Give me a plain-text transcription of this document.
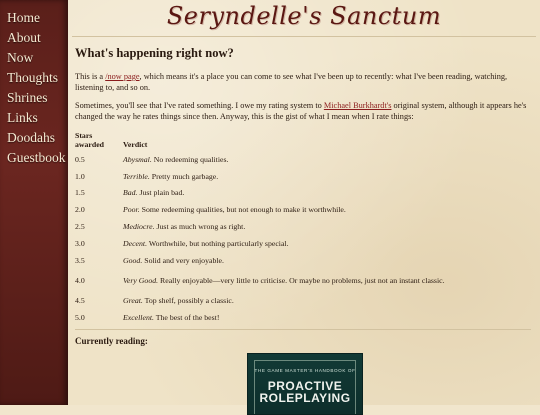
Home
About
Now
Thoughts
Shrines
Links
Doodahs
Guestbook
Seryndelle's Sanctum
What's happening right now?

This is a /now page, which means it's a place you can come to see what I've been up to recently: what I've been reading, watching, listening to, and so on.

Sometimes, you'll see that I've rated something. I owe my rating system to Michael Burkhardt's original system, although it appears he's changed the way he rates things since then. Anyway, this is the gist of what I mean when I rate things:

Stars awarded	Verdict
0.5	Abysmal. No redeeming qualities.
1.0	Terrible. Pretty much garbage.
1.5	Bad. Just plain bad.
2.0	Poor. Some redeeming qualities, but not enough to make it worthwhile.
2.5	Mediocre. Just as much wrong as right.
3.0	Decent. Worthwhile, but nothing particularly special.
3.5	Good. Solid and very enjoyable.
4.0	Very Good. Really enjoyable—very little to criticise. Or maybe no problems, just not an instant classic.
4.5	Great. Top shelf, possibly a classic.
5.0	Excellent. The best of the best!
Currently reading:
THE GAME MASTER'S HANDBOOK OF
PROACTIVE ROLEPLAYING
